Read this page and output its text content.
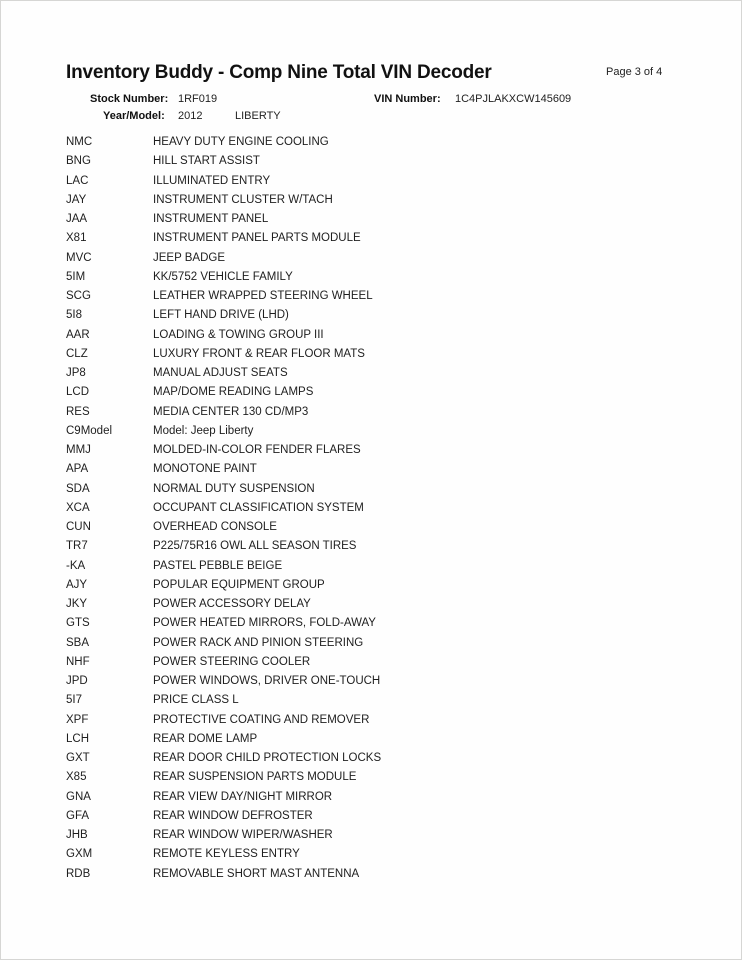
Inventory Buddy - Comp Nine Total VIN Decoder	Page 3 of 4
Stock Number: 1RF019	VIN Number: 1C4PJLAKXCW145609
Year/Model: 2012	LIBERTY
NMC	HEAVY DUTY ENGINE COOLING
BNG	HILL START ASSIST
LAC	ILLUMINATED ENTRY
JAY	INSTRUMENT CLUSTER W/TACH
JAA	INSTRUMENT PANEL
X81	INSTRUMENT PANEL PARTS MODULE
MVC	JEEP BADGE
5IM	KK/5752 VEHICLE FAMILY
SCG	LEATHER WRAPPED STEERING WHEEL
5I8	LEFT HAND DRIVE (LHD)
AAR	LOADING & TOWING GROUP III
CLZ	LUXURY FRONT & REAR FLOOR MATS
JP8	MANUAL ADJUST SEATS
LCD	MAP/DOME READING LAMPS
RES	MEDIA CENTER 130 CD/MP3
C9Model	Model: Jeep Liberty
MMJ	MOLDED-IN-COLOR FENDER FLARES
APA	MONOTONE PAINT
SDA	NORMAL DUTY SUSPENSION
XCA	OCCUPANT CLASSIFICATION SYSTEM
CUN	OVERHEAD CONSOLE
TR7	P225/75R16 OWL ALL SEASON TIRES
-KA	PASTEL PEBBLE BEIGE
AJY	POPULAR EQUIPMENT GROUP
JKY	POWER ACCESSORY DELAY
GTS	POWER HEATED MIRRORS, FOLD-AWAY
SBA	POWER RACK AND PINION STEERING
NHF	POWER STEERING COOLER
JPD	POWER WINDOWS, DRIVER ONE-TOUCH
5I7	PRICE CLASS L
XPF	PROTECTIVE COATING AND REMOVER
LCH	REAR DOME LAMP
GXT	REAR DOOR CHILD PROTECTION LOCKS
X85	REAR SUSPENSION PARTS MODULE
GNA	REAR VIEW DAY/NIGHT MIRROR
GFA	REAR WINDOW DEFROSTER
JHB	REAR WINDOW WIPER/WASHER
GXM	REMOTE KEYLESS ENTRY
RDB	REMOVABLE SHORT MAST ANTENNA
